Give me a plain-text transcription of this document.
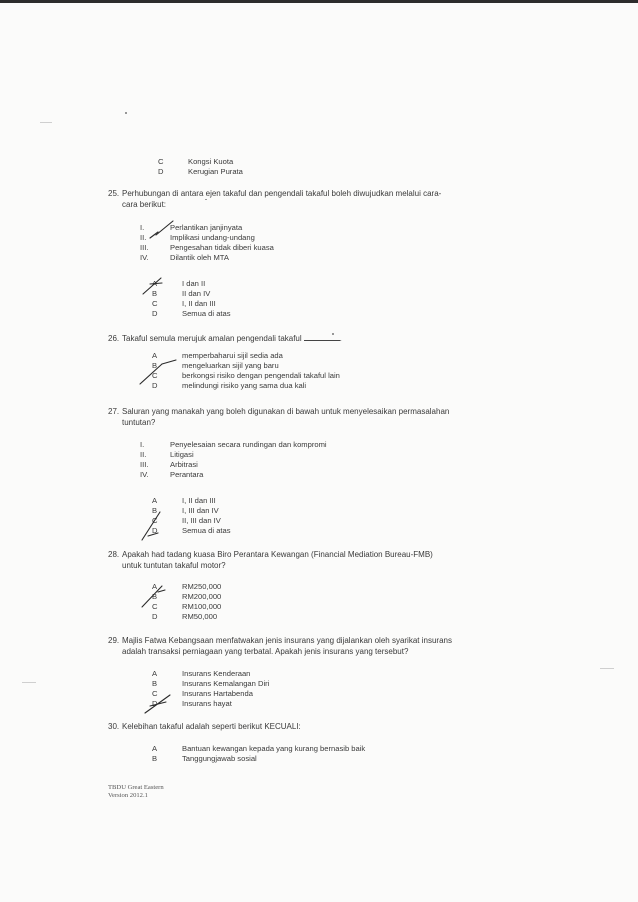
C	Kongsi Kuota
D	Kerugian Purata
25. Perhubungan di antara ejen takaful dan pengendali takaful boleh diwujudkan melalui cara-
cara berikut:
I.	Perlantikan janjinyata
II.	Implikasi undang-undang
III.	Pengesahan tidak diberi kuasa
IV.	Dilantik oleh MTA
A	I dan II
B	II dan IV
C	I, II dan III
D	Semua di atas
26. Takaful semula merujuk amalan pengendali takaful	.
A	memperbaharui sijil sedia ada
B	mengeluarkan sijil yang baru
C	berkongsi risiko dengan pengendali takaful lain
D	melindungi risiko yang sama dua kali
27. Saluran yang manakah yang boleh digunakan di bawah untuk menyelesaikan permasalahan
tuntutan?
I.	Penyelesaian secara rundingan dan kompromi
II.	Litigasi
III.	Arbitrasi
IV.	Perantara
A	I, II dan III
B	I, III dan IV
C	II, III dan IV
D	Semua di atas
28. Apakah had tadang kuasa Biro Perantara Kewangan (Financial Mediation Bureau-FMB)
untuk tuntutan takaful motor?
A	RM250,000
B	RM200,000
C	RM100,000
D	RM50,000
29. Majlis Fatwa Kebangsaan menfatwakan jenis insurans yang dijalankan oleh syarikat insurans
adalah transaksi perniagaan yang terbatal. Apakah jenis insurans yang tersebut?
A	Insurans Kenderaan
B	Insurans Kemalangan Diri
C	Insurans Hartabenda
D	Insurans hayat
30. Kelebihan takaful adalah seperti berikut KECUALI:
A	Bantuan kewangan kepada yang kurang bernasib baik
B	Tanggungjawab sosial
TBDU Great Eastern
Version 2012.1
